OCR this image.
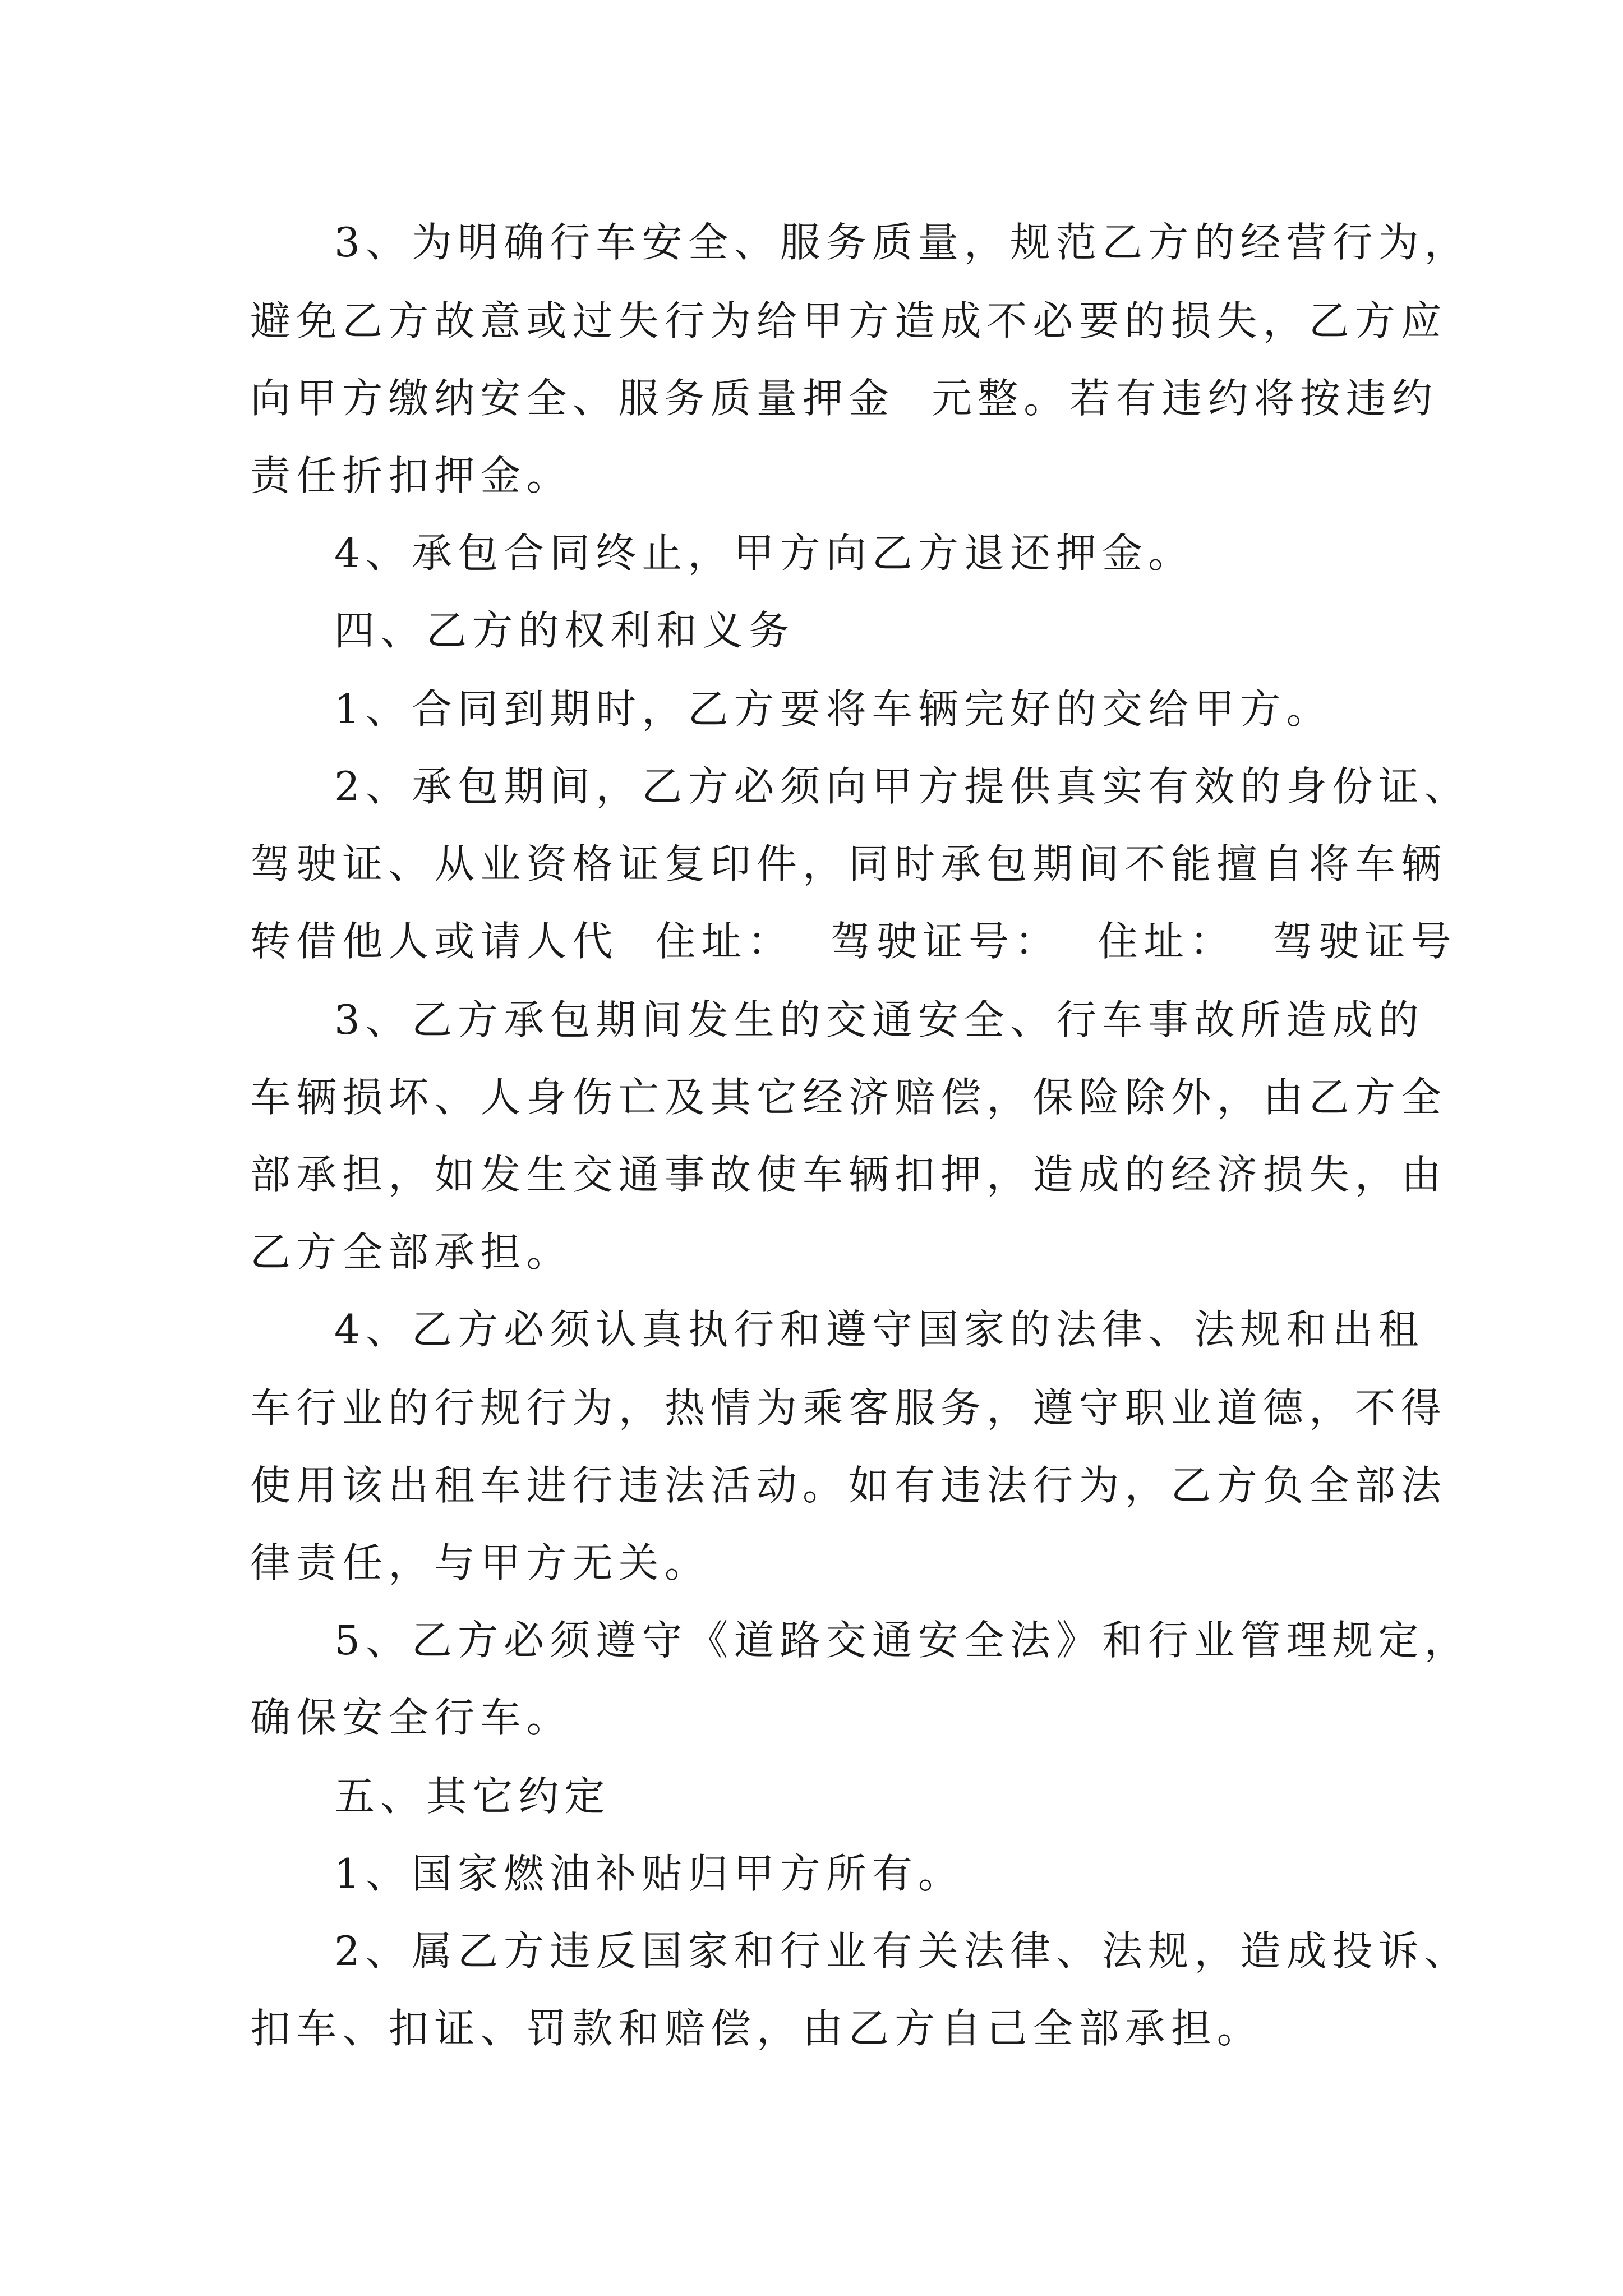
3、为明确行车安全、服务质量，规范乙方的经营行为，

避免乙方故意或过失行为给甲方造成不必要的损失，乙方应

向甲方缴纳安全、服务质量押金  元整。若有违约将按违约

责任折扣押金。

4、承包合同终止，甲方向乙方退还押金。

四、乙方的权利和义务

1、合同到期时，乙方要将车辆完好的交给甲方。

2、承包期间，乙方必须向甲方提供真实有效的身份证、

驾驶证、从业资格证复印件，同时承包期间不能擅自将车辆

转借他人或请人代  住址：  驾驶证号：  住址：  驾驶证号

3、乙方承包期间发生的交通安全、行车事故所造成的

车辆损坏、人身伤亡及其它经济赔偿，保险除外，由乙方全

部承担，如发生交通事故使车辆扣押，造成的经济损失，由

乙方全部承担。

4、乙方必须认真执行和遵守国家的法律、法规和出租

车行业的行规行为，热情为乘客服务，遵守职业道德，不得

使用该出租车进行违法活动。如有违法行为，乙方负全部法

律责任，与甲方无关。

5、乙方必须遵守《道路交通安全法》和行业管理规定，

确保安全行车。

五、其它约定

1、国家燃油补贴归甲方所有。

2、属乙方违反国家和行业有关法律、法规，造成投诉、

扣车、扣证、罚款和赔偿，由乙方自己全部承担。
